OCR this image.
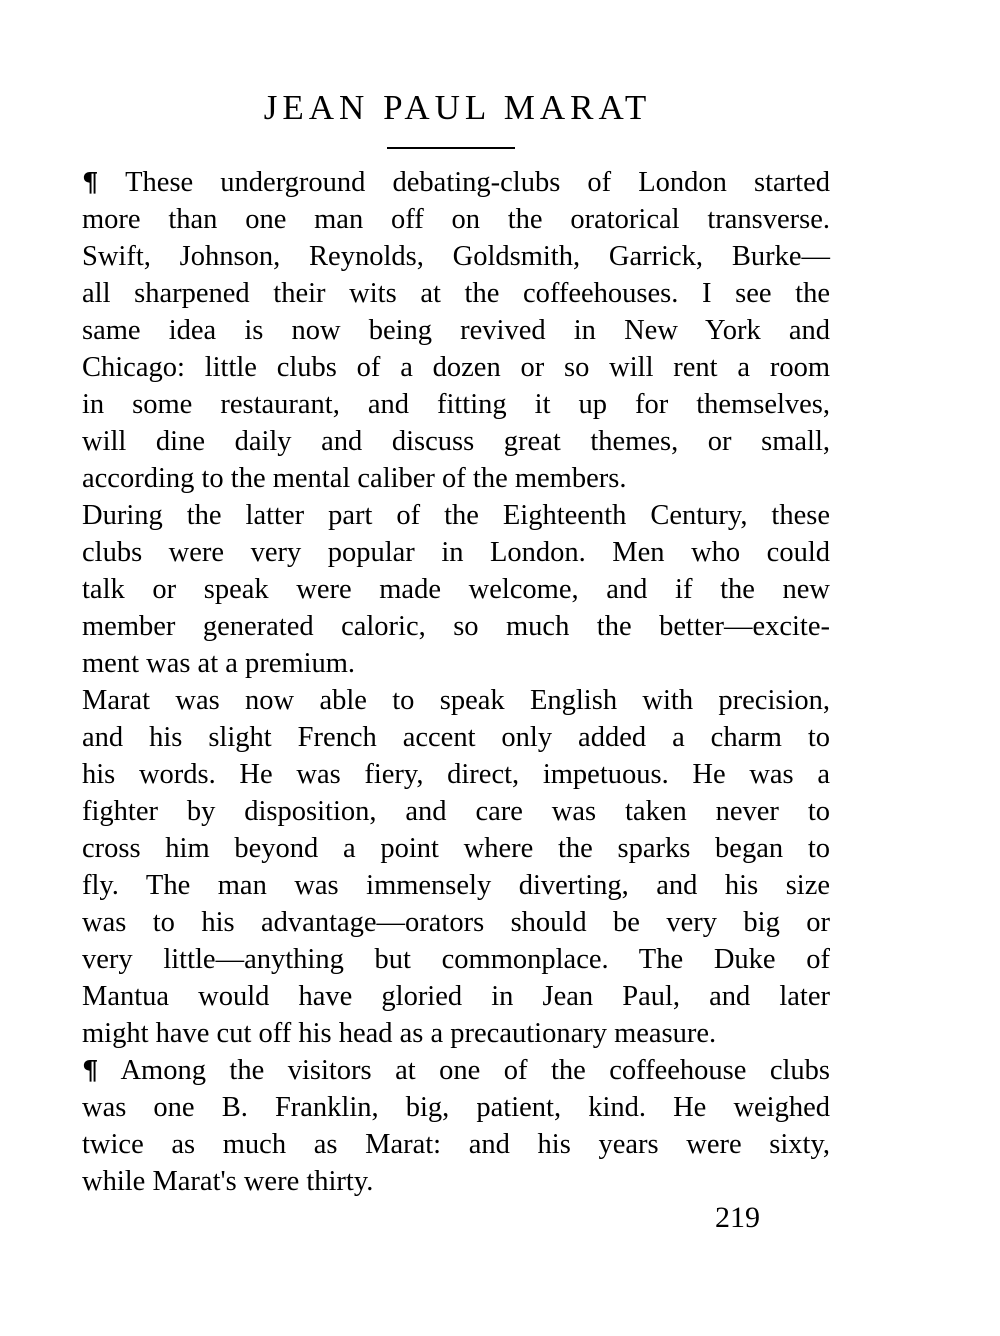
JEAN PAUL MARAT
¶ These underground debating-clubs of London started
more than one man off on the oratorical transverse.
Swift, Johnson, Reynolds, Goldsmith, Garrick, Burke—
all sharpened their wits at the coffeehouses. I see the
same idea is now being revived in New York and
Chicago: little clubs of a dozen or so will rent a room
in some restaurant, and fitting it up for themselves,
will dine daily and discuss great themes, or small,
according to the mental caliber of the members.
During the latter part of the Eighteenth Century, these
clubs were very popular in London. Men who could
talk or speak were made welcome, and if the new
member generated caloric, so much the better—excite-
ment was at a premium.
Marat was now able to speak English with precision,
and his slight French accent only added a charm to
his words. He was fiery, direct, impetuous. He was a
fighter by disposition, and care was taken never to
cross him beyond a point where the sparks began to
fly. The man was immensely diverting, and his size
was to his advantage—orators should be very big or
very little—anything but commonplace. The Duke of
Mantua would have gloried in Jean Paul, and later
might have cut off his head as a precautionary measure.
¶ Among the visitors at one of the coffeehouse clubs
was one B. Franklin, big, patient, kind. He weighed
twice as much as Marat: and his years were sixty,
while Marat's were thirty.
219
